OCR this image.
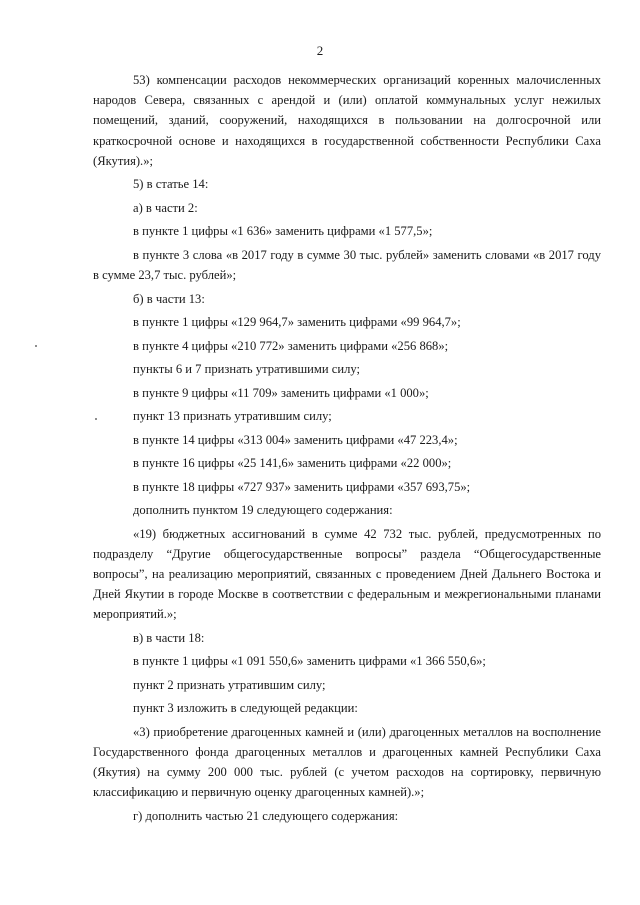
2

53) компенсации расходов некоммерческих организаций коренных малочисленных народов Севера, связанных с арендой и (или) оплатой коммунальных услуг нежилых помещений, зданий, сооружений, находящихся в пользовании на долгосрочной или краткосрочной основе и находящихся в государственной собственности Республики Саха (Якутия).»;

5) в статье 14:

а) в части 2:

в пункте 1 цифры «1 636» заменить цифрами «1 577,5»;

в пункте 3 слова «в 2017 году в сумме 30 тыс. рублей» заменить словами «в 2017 году в сумме 23,7 тыс. рублей»;

б) в части 13:

в пункте 1 цифры «129 964,7» заменить цифрами «99 964,7»;

в пункте 4 цифры «210 772» заменить цифрами «256 868»;

пункты 6 и 7 признать утратившими силу;

в пункте 9 цифры «11 709» заменить цифрами «1 000»;

пункт 13 признать утратившим силу;

в пункте 14 цифры «313 004» заменить цифрами «47 223,4»;

в пункте 16 цифры «25 141,6» заменить цифрами «22 000»;

в пункте 18 цифры «727 937» заменить цифрами «357 693,75»;

дополнить пунктом 19 следующего содержания:

«19) бюджетных ассигнований в сумме 42 732 тыс. рублей, предусмотренных по подразделу “Другие общегосударственные вопросы” раздела “Общегосударственные вопросы”, на реализацию мероприятий, связанных с проведением Дней Дальнего Востока и Дней Якутии в городе Москве в соответствии с федеральным и межрегиональными планами мероприятий.»;

в) в части 18:

в пункте 1 цифры «1 091 550,6» заменить цифрами «1 366 550,6»;

пункт 2 признать утратившим силу;

пункт 3 изложить в следующей редакции:

«3) приобретение драгоценных камней и (или) драгоценных металлов на восполнение Государственного фонда драгоценных металлов и драгоценных камней Республики Саха (Якутия) на сумму 200 000 тыс. рублей (с учетом расходов на сортировку, первичную классификацию и первичную оценку драгоценных камней).»;

г) дополнить частью 21 следующего содержания:
